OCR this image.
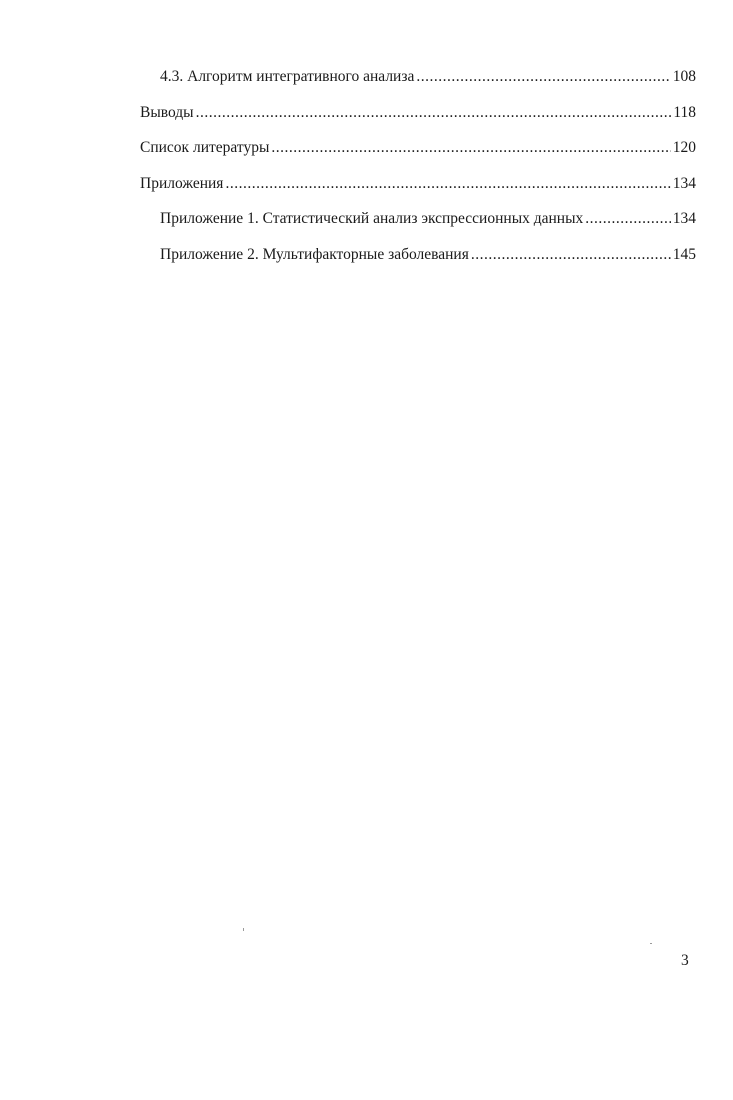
4.3. Алгоритм интегративного анализа .....	108
Выводы .....	118
Список литературы .....	120
Приложения .....	134
Приложение 1. Статистический анализ экспрессионных данных .....	134
Приложение 2. Мультифакторные заболевания .....	145
3
